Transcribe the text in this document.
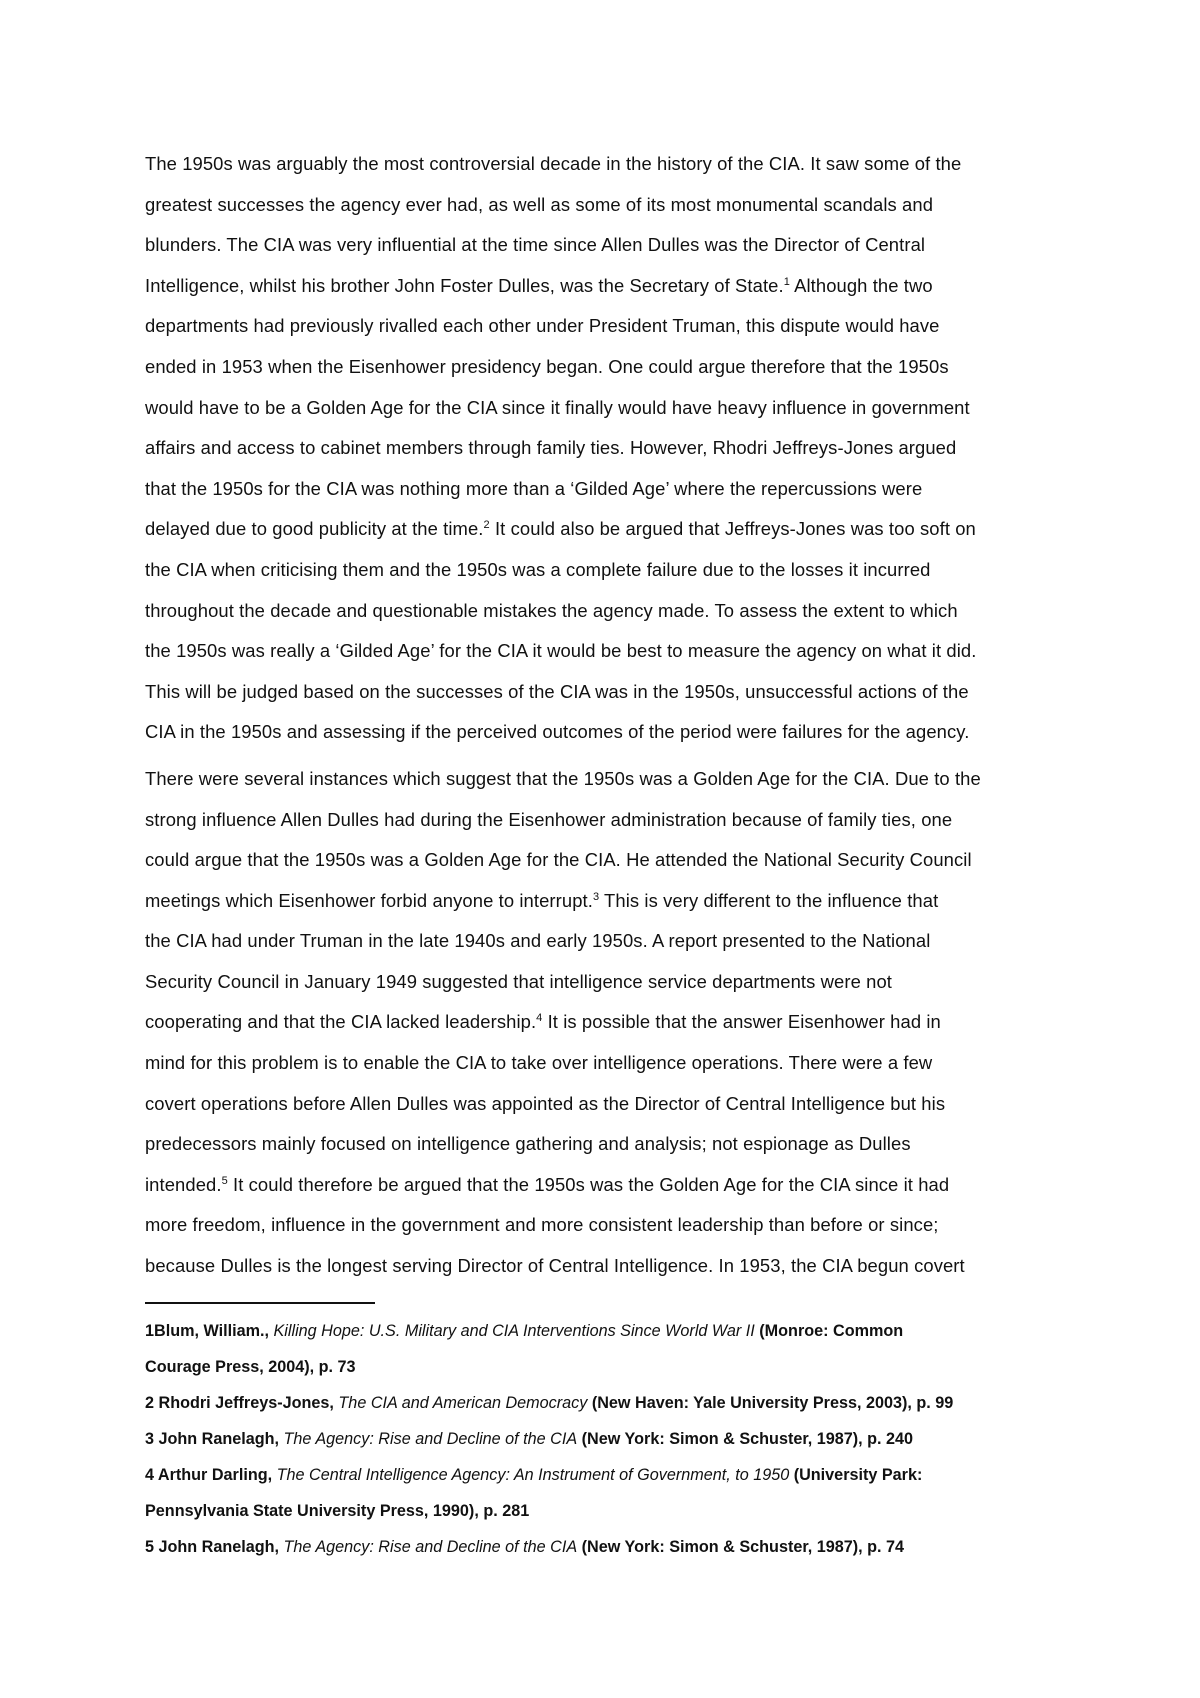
The 1950s was arguably the most controversial decade in the history of the CIA. It saw some of the
greatest successes the agency ever had, as well as some of its most monumental scandals and
blunders. The CIA was very influential at the time since Allen Dulles was the Director of Central
Intelligence, whilst his brother John Foster Dulles, was the Secretary of State.$^1$ Although the two
departments had previously rivalled each other under President Truman, this dispute would have
ended in 1953 when the Eisenhower presidency began. One could argue therefore that the 1950s
would have to be a Golden Age for the CIA since it finally would have heavy influence in government
affairs and access to cabinet members through family ties. However, Rhodri Jeffreys-Jones argued
that the 1950s for the CIA was nothing more than a ‘Gilded Age’ where the repercussions were
delayed due to good publicity at the time.$^2$ It could also be argued that Jeffreys-Jones was too soft on
the CIA when criticising them and the 1950s was a complete failure due to the losses it incurred
throughout the decade and questionable mistakes the agency made. To assess the extent to which
the 1950s was really a ‘Gilded Age’ for the CIA it would be best to measure the agency on what it did.
This will be judged based on the successes of the CIA was in the 1950s, unsuccessful actions of the
CIA in the 1950s and assessing if the perceived outcomes of the period were failures for the agency.

There were several instances which suggest that the 1950s was a Golden Age for the CIA. Due to the
strong influence Allen Dulles had during the Eisenhower administration because of family ties, one
could argue that the 1950s was a Golden Age for the CIA. He attended the National Security Council
meetings which Eisenhower forbid anyone to interrupt.$^3$ This is very different to the influence that
the CIA had under Truman in the late 1940s and early 1950s. A report presented to the National
Security Council in January 1949 suggested that intelligence service departments were not
cooperating and that the CIA lacked leadership.$^4$ It is possible that the answer Eisenhower had in
mind for this problem is to enable the CIA to take over intelligence operations. There were a few
covert operations before Allen Dulles was appointed as the Director of Central Intelligence but his
predecessors mainly focused on intelligence gathering and analysis; not espionage as Dulles
intended.$^5$ It could therefore be argued that the 1950s was the Golden Age for the CIA since it had
more freedom, influence in the government and more consistent leadership than before or since;
because Dulles is the longest serving Director of Central Intelligence. In 1953, the CIA begun covert

1Blum, William., Killing Hope: U.S. Military and CIA Interventions Since World War II (Monroe: Common
Courage Press, 2004), p. 73

2 Rhodri Jeffreys-Jones, The CIA and American Democracy (New Haven: Yale University Press, 2003), p. 99

3 John Ranelagh, The Agency: Rise and Decline of the CIA (New York: Simon & Schuster, 1987), p. 240

4 Arthur Darling, The Central Intelligence Agency: An Instrument of Government, to 1950 (University Park:
Pennsylvania State University Press, 1990), p. 281

5 John Ranelagh, The Agency: Rise and Decline of the CIA (New York: Simon & Schuster, 1987), p. 74
